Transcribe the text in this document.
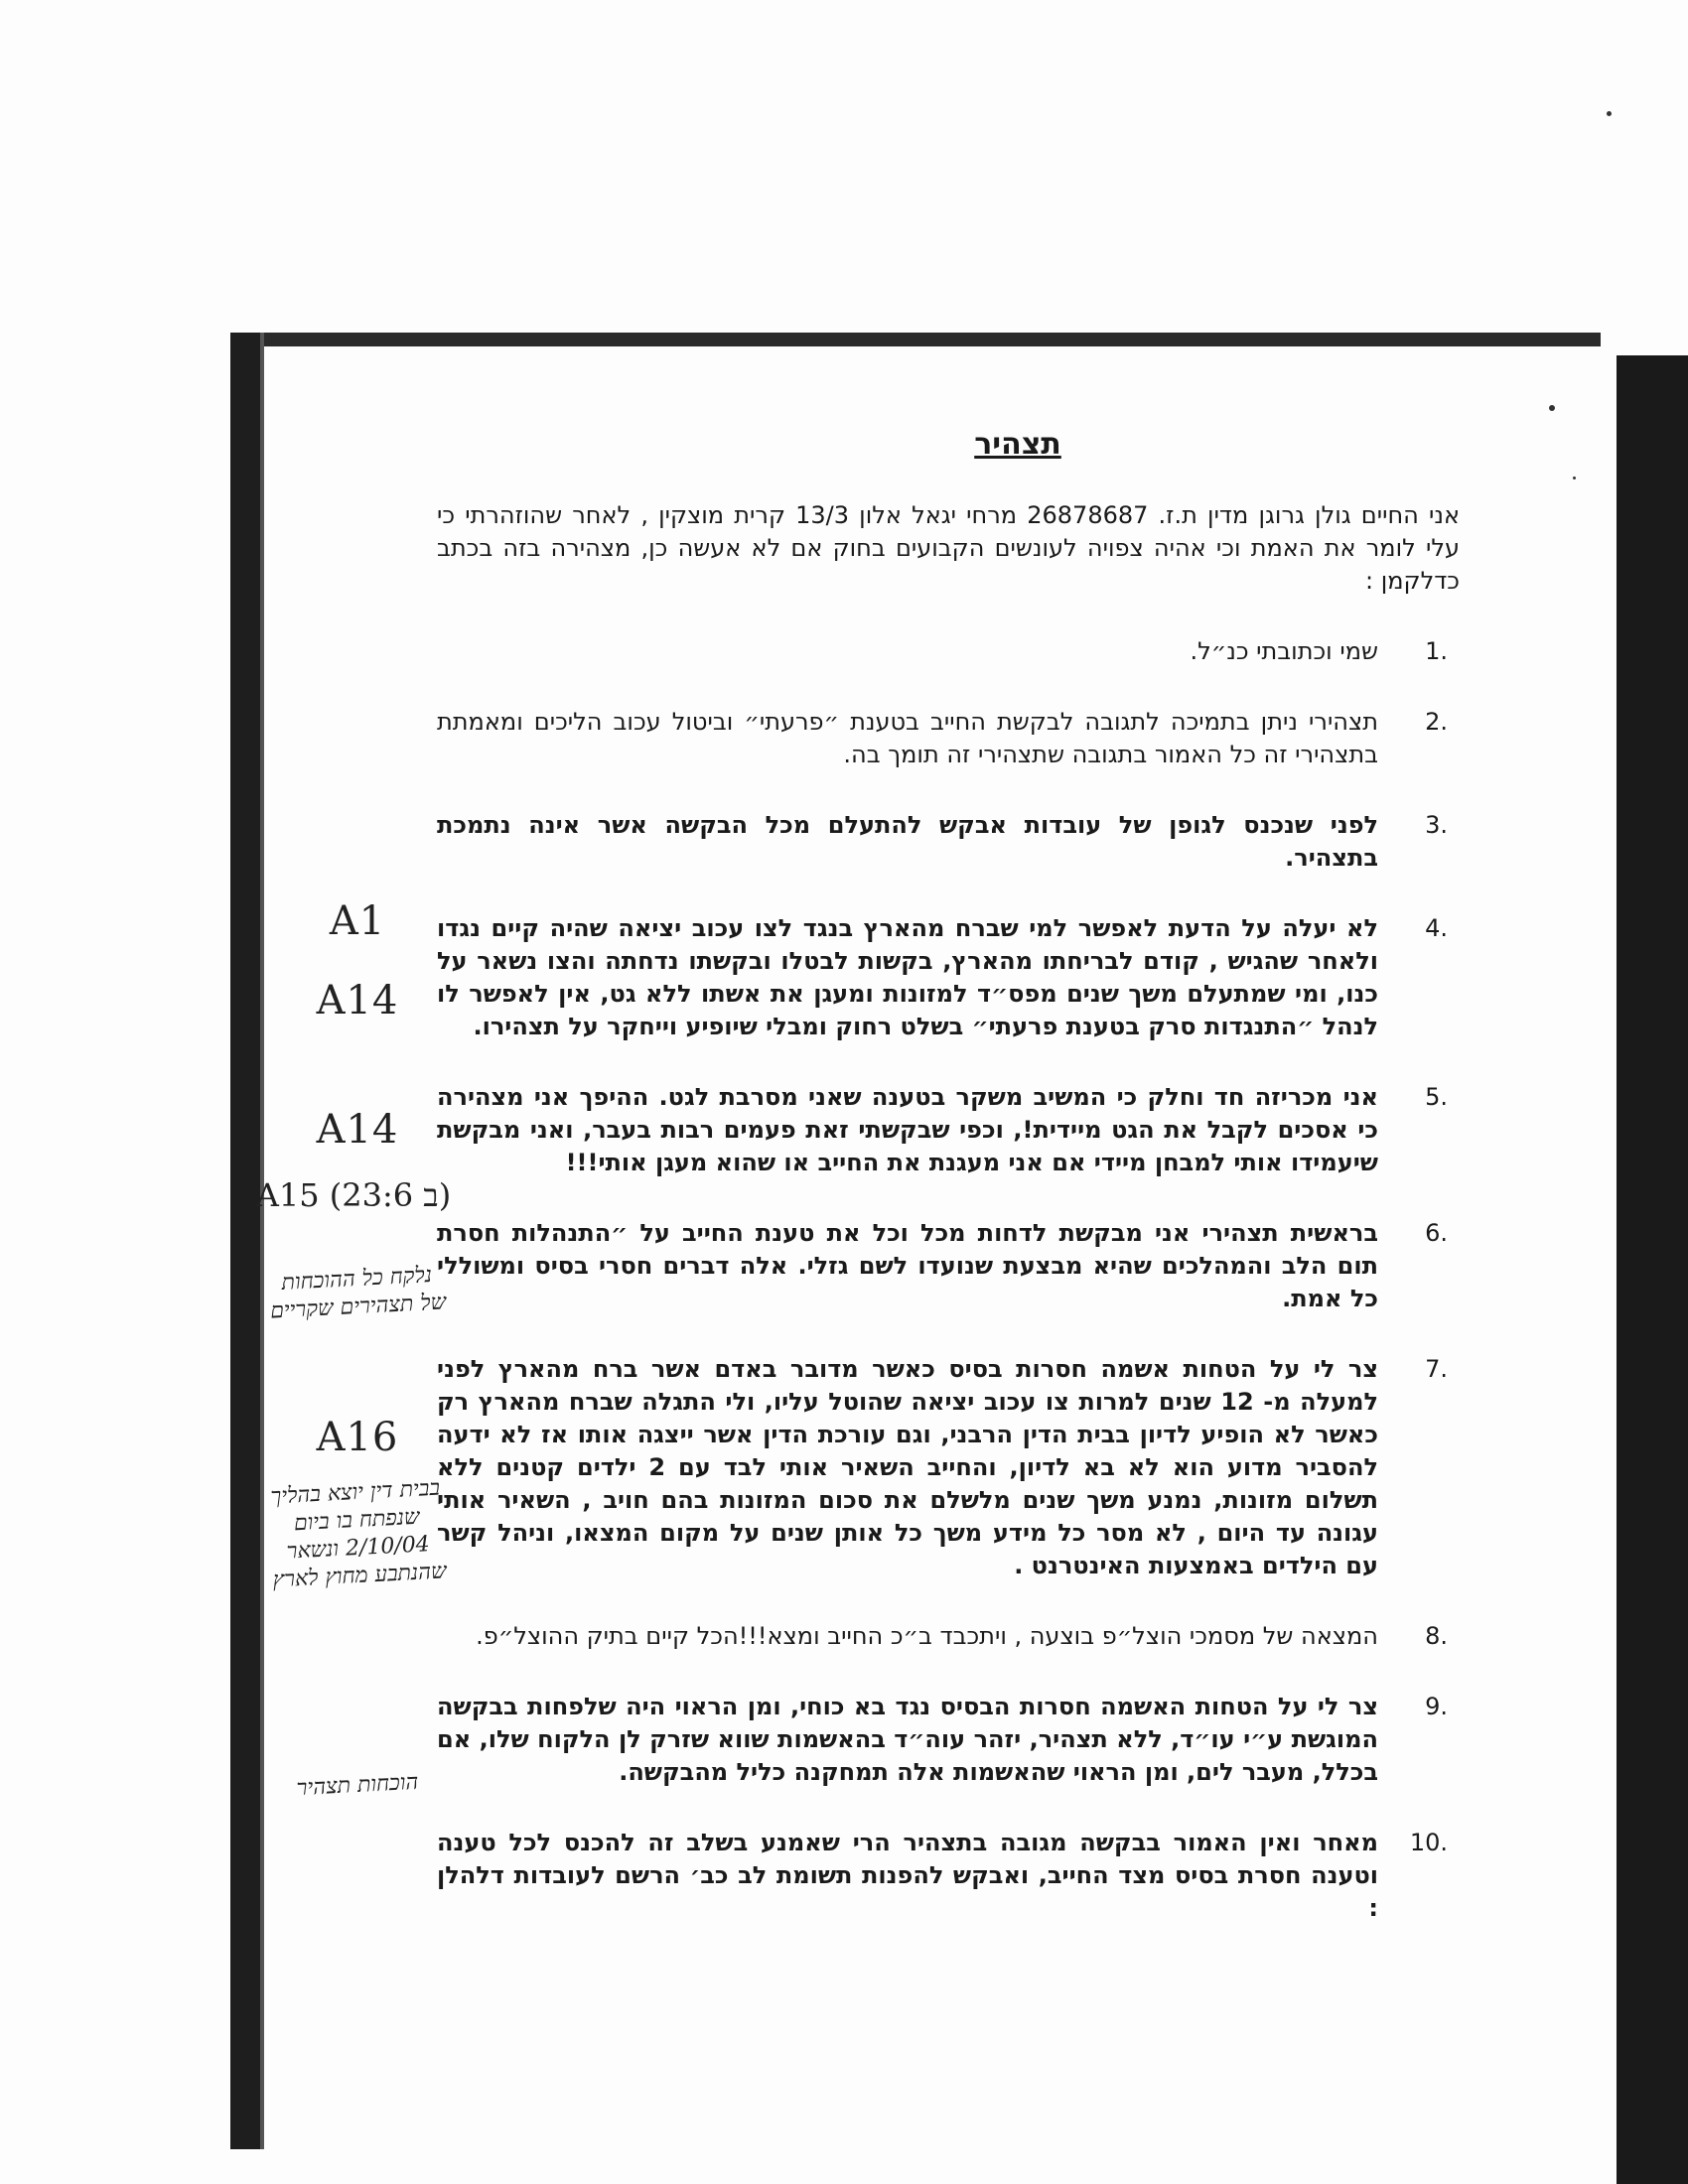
תצהיר
אני החיים גולן גרוגן מדין ת.ז. 26878687 מרחי יגאל אלון 13/3 קרית מוצקין , לאחר שהוזהרתי כי עלי לומר את האמת וכי אהיה צפויה לעונשים הקבועים בחוק אם לא אעשה כן, מצהירה בזה בכתב כדלקמן :
.1
שמי וכתובתי כנ״ל.
.2
תצהירי ניתן בתמיכה לתגובה לבקשת החייב בטענת ״פרעתי״ וביטול עכוב הליכים ומאמתת בתצהירי זה כל האמור בתגובה שתצהירי זה תומך בה.
.3
לפני שנכנס לגופן של עובדות אבקש להתעלם מכל הבקשה אשר אינה נתמכת בתצהיר.
.4
לא יעלה על הדעת לאפשר למי שברח מהארץ בנגד לצו עכוב יציאה שהיה קיים נגדו ולאחר שהגיש , קודם לבריחתו מהארץ, בקשות לבטלו ובקשתו נדחתה והצו נשאר על כנו, ומי שמתעלם משך שנים מפס״ד למזונות ומעגן את אשתו ללא גט, אין לאפשר לו לנהל ״התנגדות סרק בטענת פרעתי״ בשלט רחוק ומבלי שיופיע וייחקר על תצהירו.
.5
אני מכריזה חד וחלק כי המשיב משקר בטענה שאני מסרבת לגט. ההיפך אני מצהירה כי אסכים לקבל את הגט מיידית!, וכפי שבקשתי זאת פעמים רבות בעבר, ואני מבקשת שיעמידו אותי למבחן מיידי אם אני מעגנת את החייב או שהוא מעגן אותי!!!
.6
בראשית תצהירי אני מבקשת לדחות מכל וכל את טענת החייב על ״התנהלות חסרת תום הלב והמהלכים שהיא מבצעת שנועדו לשם גזלי. אלה דברים חסרי בסיס ומשוללי כל אמת.
.7
צר לי על הטחות אשמה חסרות בסיס כאשר מדובר באדם אשר ברח מהארץ לפני למעלה מ- 12 שנים למרות צו עכוב יציאה שהוטל עליו, ולי התגלה שברח מהארץ רק כאשר לא הופיע לדיון בבית הדין הרבני, וגם עורכת הדין אשר ייצגה אותו אז לא ידעה להסביר מדוע הוא לא בא לדיון, והחייב השאיר אותי לבד עם 2 ילדים קטנים ללא תשלום מזונות, נמנע משך שנים מלשלם את סכום המזונות בהם חויב , השאיר אותי עגונה עד היום , לא מסר כל מידע משך כל אותן שנים על מקום המצאו, וניהל קשר עם הילדים באמצעות האינטרנט .
.8
המצאה של מסמכי הוצל״פ בוצעה , ויתכבד ב״כ החייב ומצא!!!הכל קיים בתיק ההוצל״פ.
.9
צר לי על הטחות האשמה חסרות הבסיס נגד בא כוחי, ומן הראוי היה שלפחות בבקשה המוגשת ע״י עו״ד, ללא תצהיר, יזהר עוה״ד בהאשמות שווא שזרק לן הלקוח שלו, אם בכלל, מעבר לים, ומן הראוי שהאשמות אלה תמחקנה כליל מהבקשה.
.10
מאחר ואין האמור בבקשה מגובה בתצהיר הרי שאמנע בשלב זה להכנס לכל טענה וטענה חסרת בסיס מצד החייב, ואבקש להפנות תשומת לב כב׳ הרשם לעובדות דלהלן :
A1
A14
A14
A15 (23:6 ב)
נלקח כל ההוכחות של תצהירים שקריים
A16
בבית דין יוצא בהליך שנפתח בו ביום 2/10/04 ונשאר שהנתבע מחוץ לארץ
הוכחות תצהיר
